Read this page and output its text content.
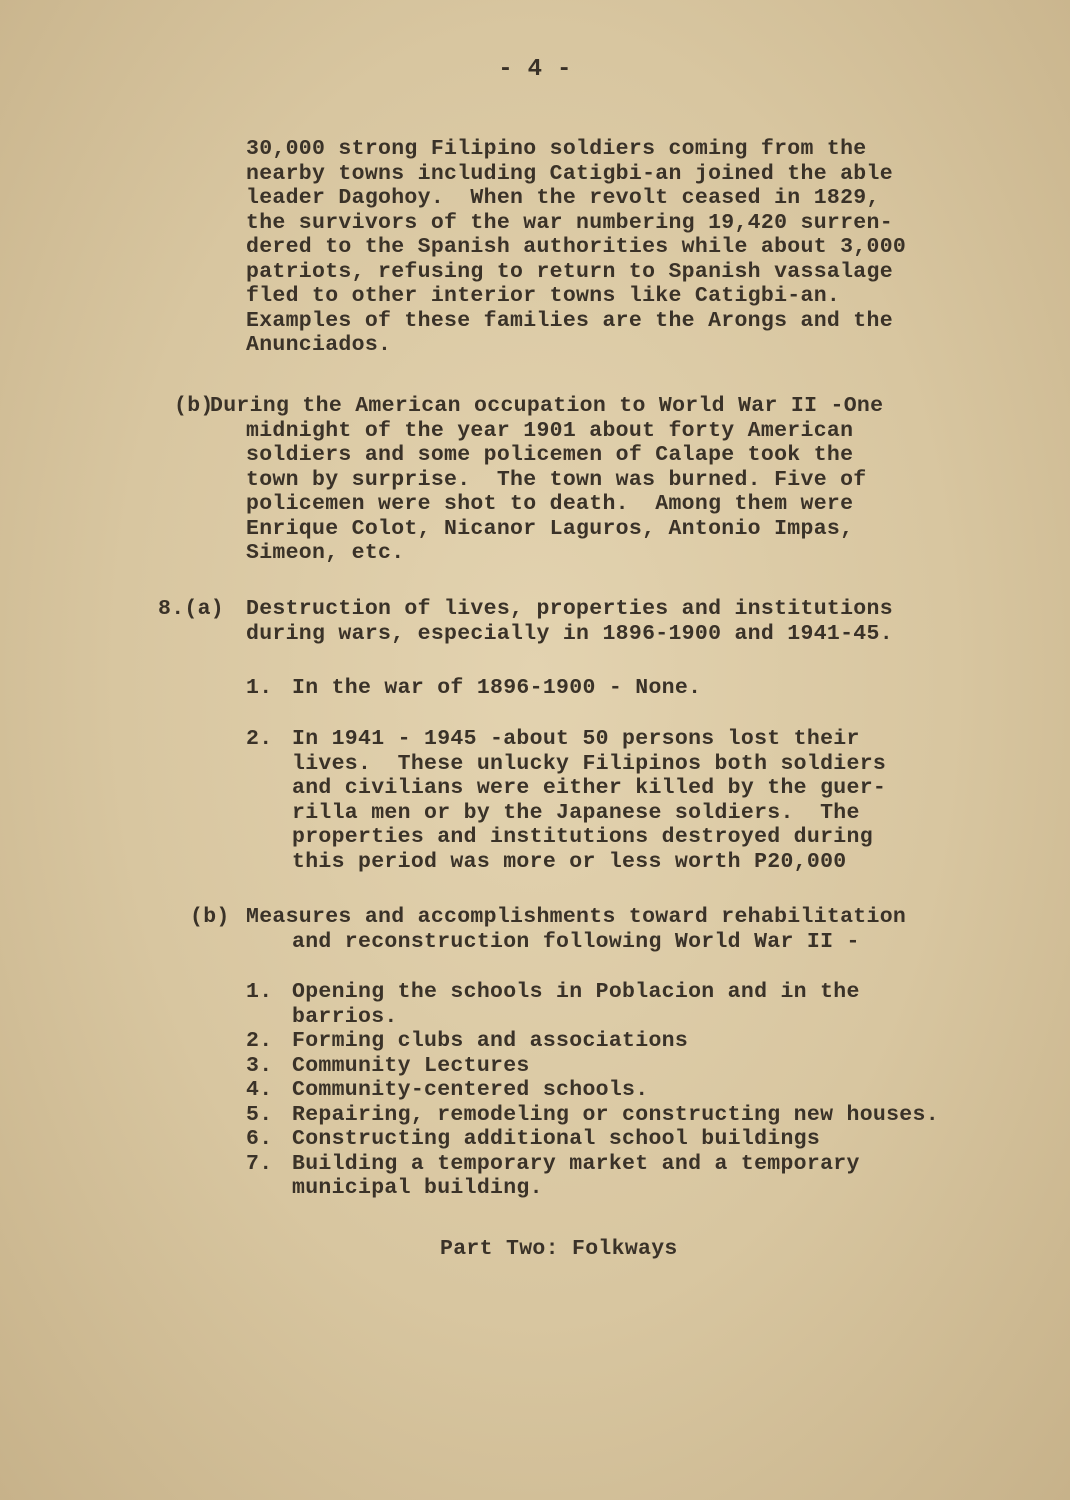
- 4 -
30,000 strong Filipino soldiers coming from the
nearby towns including Catigbi-an joined the able
leader Dagohoy.  When the revolt ceased in 1829,
the survivors of the war numbering 19,420 surren-
dered to the Spanish authorities while about 3,000
patriots, refusing to return to Spanish vassalage
fled to other interior towns like Catigbi-an.
Examples of these families are the Arongs and the
Anunciados.
(b)
During the American occupation to World War II -One
midnight of the year 1901 about forty American
soldiers and some policemen of Calape took the
town by surprise.  The town was burned. Five of
policemen were shot to death.  Among them were
Enrique Colot, Nicanor Laguros, Antonio Impas,
Simeon, etc.
8.(a) Destruction of lives, properties and institutions
during wars, especially in 1896-1900 and 1941-45.
1. In the war of 1896-1900 - None.
2. In 1941 - 1945 -about 50 persons lost their
lives.  These unlucky Filipinos both soldiers
and civilians were either killed by the guer-
rilla men or by the Japanese soldiers.  The
properties and institutions destroyed during
this period was more or less worth P20,000
(b) Measures and accomplishments toward rehabilitation
and reconstruction following World War II -
1.

2.
3.
4.
5.
6.
7.
Opening the schools in Poblacion and in the
barrios.
Forming clubs and associations
Community Lectures
Community-centered schools.
Repairing, remodeling or constructing new houses.
Constructing additional school buildings
Building a temporary market and a temporary
municipal building.
Part Two: Folkways
